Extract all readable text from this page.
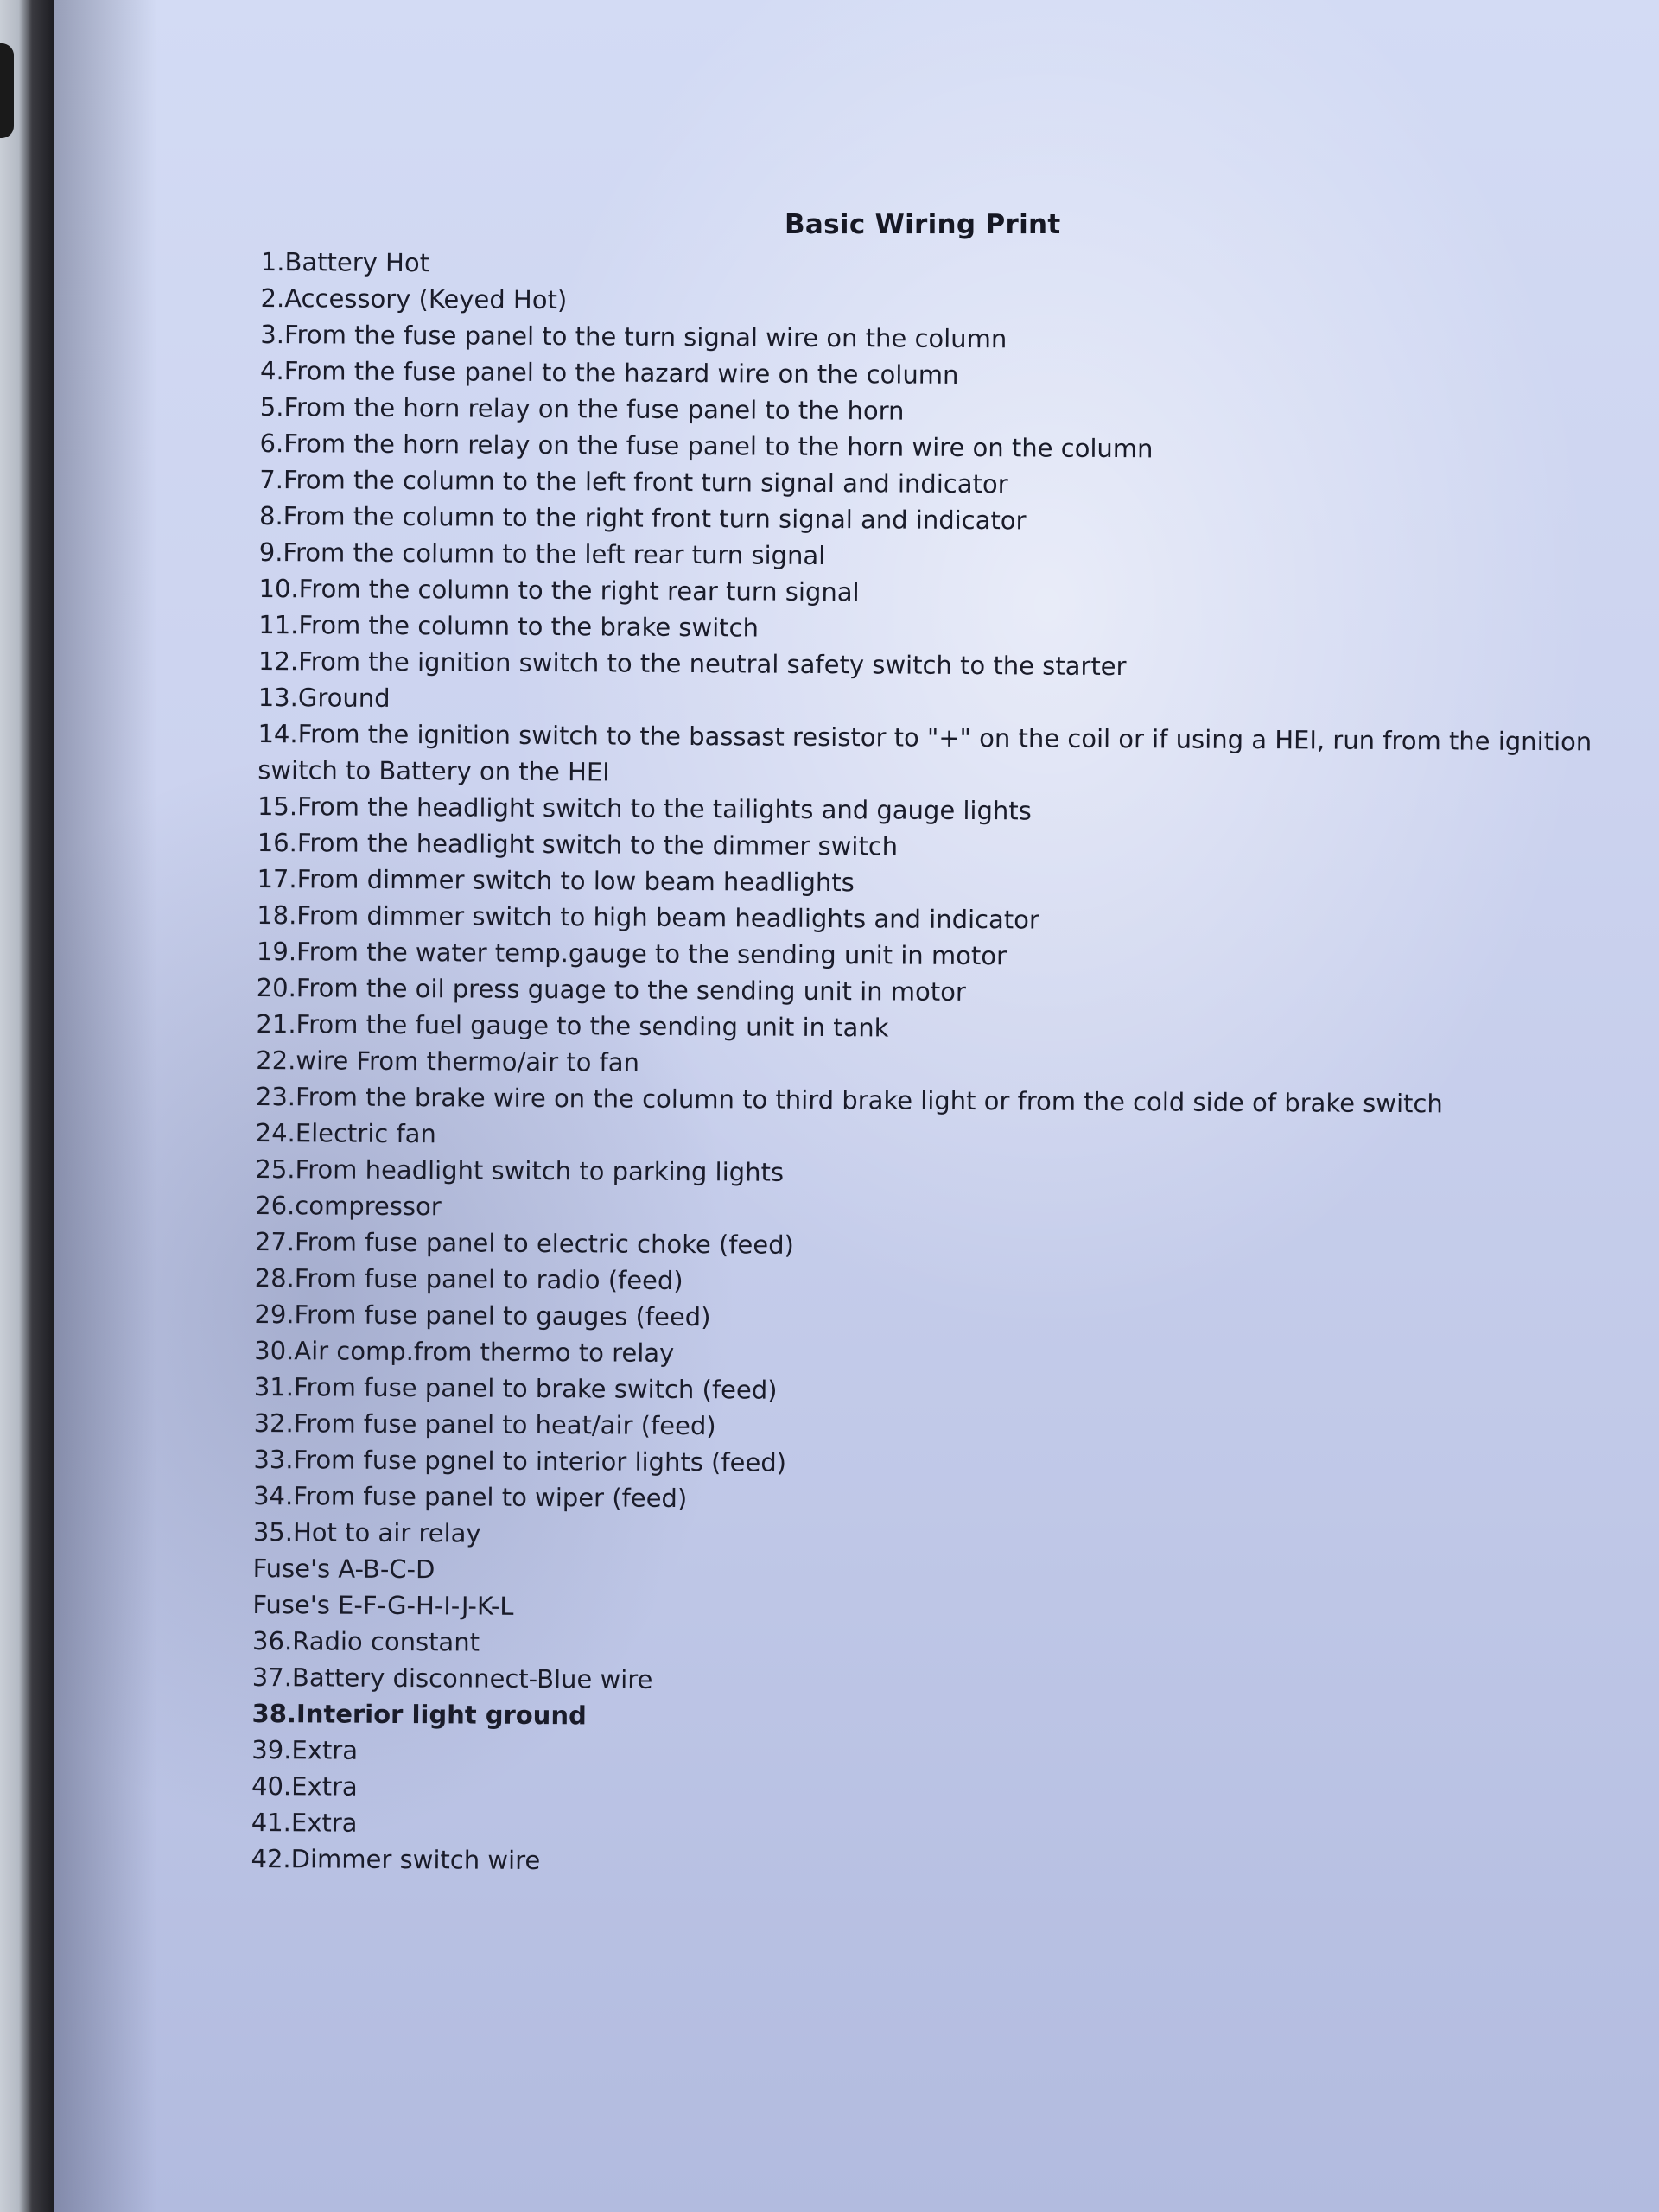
Basic Wiring Print
1.Battery Hot
2.Accessory (Keyed Hot)
3.From the fuse panel to the turn signal wire on the column
4.From the fuse panel to the hazard wire on the column
5.From the horn relay on the fuse panel to the horn
6.From the horn relay on the fuse panel to the horn wire on the column
7.From the column to the left front turn signal and indicator
8.From the column to the right front turn signal and indicator
9.From the column to the left rear turn signal
10.From the column to the right rear turn signal
11.From the column to the brake switch
12.From the ignition switch to the neutral safety switch to the starter
13.Ground
14.From the ignition switch to the bassast resistor to "+" on the coil or if using a HEI, run from the ignition switch to Battery on the HEI
15.From the headlight switch to the tailights and gauge lights
16.From the headlight switch to the dimmer switch
17.From dimmer switch to low beam headlights
18.From dimmer switch to high beam headlights and indicator
19.From the water temp.gauge to the sending unit in motor
20.From the oil press guage to the sending unit in motor
21.From the fuel gauge to the sending unit in tank
22.wire From thermo/air to fan
23.From the brake wire on the column to third brake light or from the cold side of brake switch
24.Electric fan
25.From headlight switch to parking lights
26.compressor
27.From fuse panel to electric choke (feed)
28.From fuse panel to radio (feed)
29.From fuse panel to gauges (feed)
30.Air comp.from thermo to relay
31.From fuse panel to brake switch (feed)
32.From fuse panel to heat/air (feed)
33.From fuse pgnel to interior lights (feed)
34.From fuse panel to wiper (feed)
35.Hot to air relay
Fuse's A-B-C-D
Fuse's E-F-G-H-I-J-K-L
36.Radio constant
37.Battery disconnect-Blue wire
38.Interior light ground
39.Extra
40.Extra
41.Extra
42.Dimmer switch wire
